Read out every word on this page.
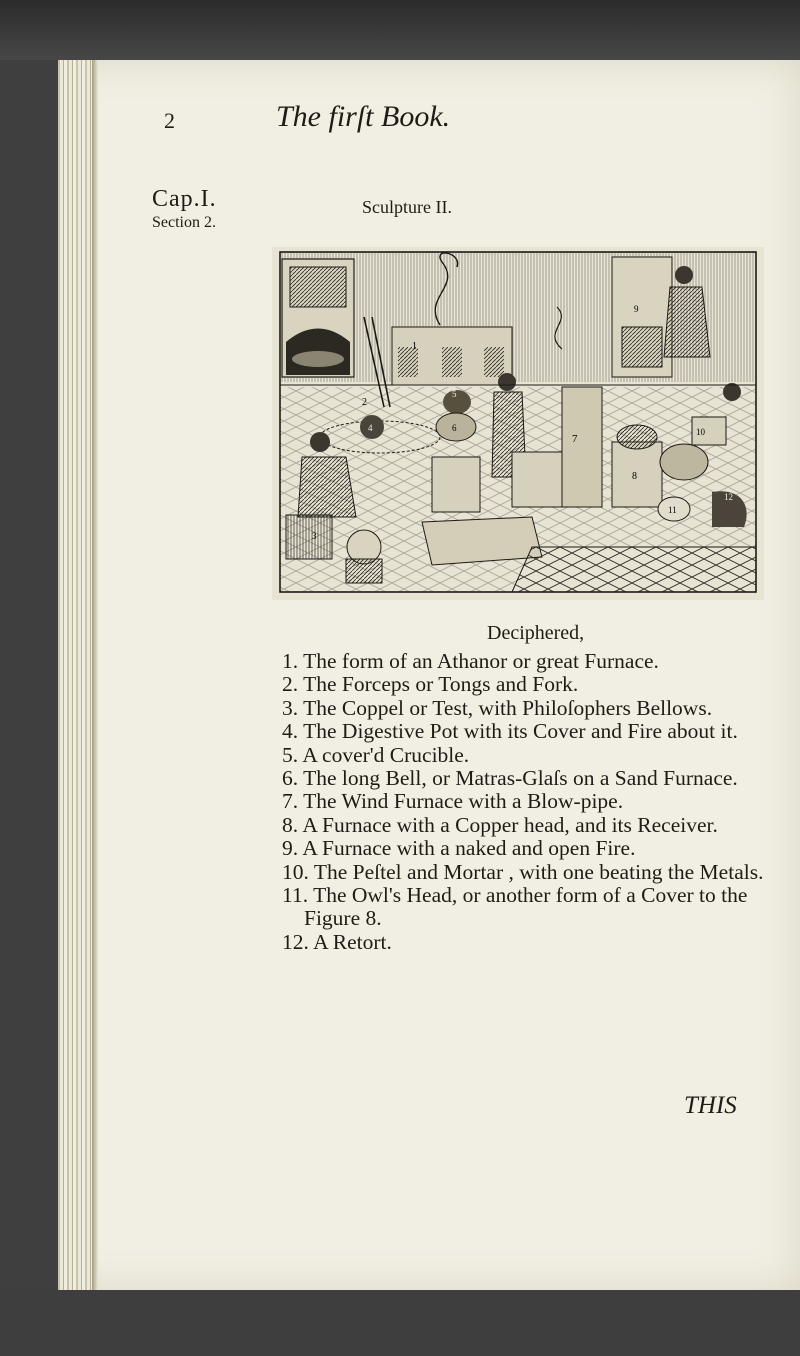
2	The firſt Book.
Cap.I.
Section 2.
Sculpture II.
1
9
2
4
5
6
7
8
11
12
10
3
Deciphered,

1. The form of an Athanor or great Furnace.

2. The Forceps or Tongs and Fork.

3. The Coppel or Test, with Philoſophers Bellows.

4. The Digestive Pot with its Cover and Fire about it.

5. A cover'd Crucible.

6. The long Bell, or Matras-Glaſs on a Sand Furnace.

7. The Wind Furnace with a Blow-pipe.

8. A Furnace with a Copper head, and its Receiver.

9. A Furnace with a naked and open Fire.

10. The Peſtel and Mortar , with one beating the Metals.

11. The Owl's Head, or another form of a Cover to the Figure 8.

12. A Retort.

THIS
